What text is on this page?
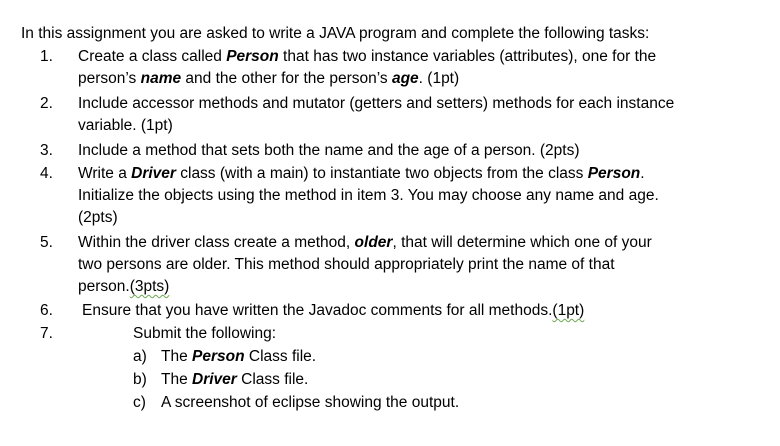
In this assignment you are asked to write a JAVA program and complete the following tasks:
1.	Create a class called Person that has two instance variables (attributes), one for the
person’s name and the other for the person’s age. (1pt)
2.	Include accessor methods and mutator (getters and setters) methods for each instance
variable. (1pt)
3.	Include a method that sets both the name and the age of a person. (2pts)
4.	Write a Driver class (with a main) to instantiate two objects from the class Person.
Initialize the objects using the method in item 3. You may choose any name and age.
(2pts)
5.	Within the driver class create a method, older, that will determine which one of your
two persons are older. This method should appropriately print the name of that
person.(3pts)
6.	Ensure that you have written the Javadoc comments for all methods.(1pt)
7.	Submit the following:
a) The Person Class file.
b) The Driver Class file.
c) A screenshot of eclipse showing the output.
